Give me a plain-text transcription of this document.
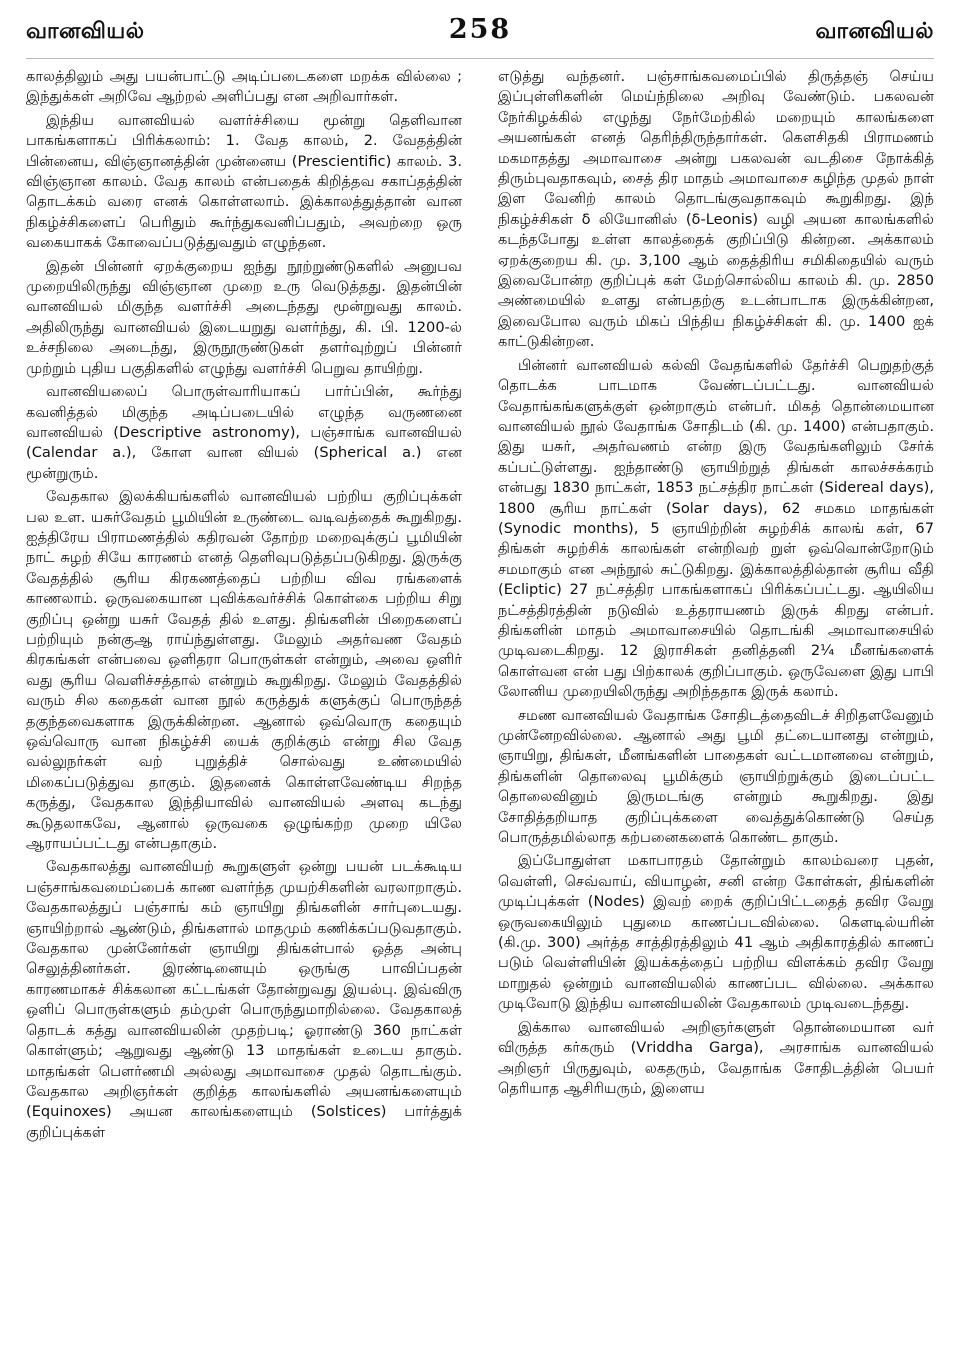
வானவியல்	258	வானவியல்

காலத்திலும் அது பயன்பாட்டு அடிப்படைகளை மறக்க வில்லை ; இந்துக்கள் அறிவே ஆற்றல் அளிப்பது என அறிவார்கள்.

இந்திய வானவியல் வளர்ச்சியை மூன்று தெளிவான பாகங்களாகப் பிரிக்கலாம்: 1. வேத காலம், 2. வேதத்தின் பின்னைய, விஞ்ஞானத்தின் முன்னைய (Prescientific) காலம். 3. விஞ்ஞான காலம். வேத காலம் என்பதைக் கிறித்தவ சகாப்தத்தின் தொடக்கம் வரை எனக் கொள்ளலாம். இக்காலத்துத்தான் வான நிகழ்ச்சிகளைப் பெரிதும் கூர்ந்துகவனிப்பதும், அவற்றை ஒரு வகையாகக் கோவைப்படுத்துவதும் எழுந்தன.

இதன் பின்னர் ஏறக்குறைய ஐந்து நூற்றுண்டுகளில் அனுபவ முறையிலிருந்து விஞ்ஞான முறை உரு வெடுத்தது. இதன்பின் வானவியல் மிகுந்த வளர்ச்சி அடைந்தது மூன்றுவது காலம். அதிலிருந்து வானவியல் இடையறுது வளர்ந்து, கி. பி. 1200-ல் உச்சநிலை அடைந்து, இருநூருண்டுகள் தளர்வுற்றுப் பின்னர் முற்றும் புதிய பகுதிகளில் எழுந்து வளர்ச்சி பெறுவ தாயிற்று.

வானவியலைப் பொருள்வாரியாகப் பார்ப்பின், கூர்ந்து கவனித்தல் மிகுந்த அடிப்படையில் எழுந்த வருணனை வானவியல் (Descriptive astronomy), பஞ்சாங்க வானவியல் (Calendar a.), கோள வான வியல் (Spherical a.) என மூன்றுரும்.

வேதகால இலக்கியங்களில் வானவியல் பற்றிய குறிப்புக்கள் பல உள. யசுர்வேதம் பூமியின் உருண்டை வடிவத்தைக் கூறுகிறது. ஐத்திரேய பிராமணத்தில் கதிரவன் தோற்ற மறைவுக்குப் பூமியின் நாட் சுழற் சியே காரணம் எனத் தெளிவுபடுத்தப்படுகிறது. இருக்கு வேதத்தில் சூரிய கிரகணத்தைப் பற்றிய விவ ரங்களைக் காணலாம். ஒருவகையான புவிக்கவர்ச்சிக் கொள்கை பற்றிய சிறு குறிப்பு ஒன்று யசுர் வேதத் தில் உளது. திங்களின் பிறைகளைப் பற்றியும் நன்குஆ ராய்ந்துள்ளது. மேலும் அதர்வண வேதம் கிரகங்கள் என்பவை ஒளிதரா பொருள்கள் என்றும், அவை ஒளிர் வது சூரிய வெளிச்சத்தால் என்றும் கூறுகிறது. மேலும் வேதத்தில் வரும் சில கதைகள் வான நூல் கருத்துக் களுக்குப் பொருந்தத் தகுந்தவைகளாக இருக்கின்றன. ஆனால் ஒவ்வொரு கதையும் ஒவ்வொரு வான நிகழ்ச்சி யைக் குறிக்கும் என்று சில வேத வல்லுநர்கள் வற் புறுத்திச் சொல்வது உண்மையில் மிகைப்படுத்துவ தாகும். இதனைக் கொள்ளவேண்டிய சிறந்த கருத்து, வேதகால இந்தியாவில் வானவியல் அளவு கடந்து கூடுதலாகவே, ஆனால் ஒருவகை ஒழுங்கற்ற முறை யிலே ஆராயப்பட்டது என்பதாகும்.

வேதகாலத்து வானவியற் கூறுகளுள் ஒன்று பயன் படக்கூடிய பஞ்சாங்கவமைப்பைக் காண வளர்ந்த முயற்சிகளின் வரலாறாகும். வேதகாலத்துப் பஞ்சாங் கம் ஞாயிறு திங்களின் சார்புடையது. ஞாயிற்றால் ஆண்டும், திங்களால் மாதமும் கணிக்கப்படுவதாகும். வேதகால முன்னேர்கள் ஞாயிறு திங்கள்பால் ஒத்த அன்பு செலுத்தினர்கள். இரண்டினையும் ஒருங்கு பாவிப்பதன் காரணமாகச் சிக்கலான கட்டங்கள் தோன்றுவது இயல்பு. இவ்விரு ஒளிப் பொருள்களும் தம்முள் பொருந்துமாறில்லை. வேதகாலத் தொடக் கத்து வானவியலின் முதற்படி; ஓராண்டு 360 நாட்கள் கொள்ளும்; ஆறுவது ஆண்டு 13 மாதங்கள் உடைய தாகும். மாதங்கள் பௌர்ணமி அல்லது அமாவாசை முதல் தொடங்கும். வேதகால அறிஞர்கள் குறித்த காலங்களில் அயனங்களையும் (Equinoxes) அயன காலங்களையும் (Solstices) பார்த்துக் குறிப்புக்கள்

எடுத்து வந்தனர். பஞ்சாங்கவமைப்பில் திருத்தஞ் செய்ய இப்புள்ளிகளின் மெய்ந்நிலை அறிவு வேண்டும். பகலவன் நேர்கிழக்கில் எழுந்து நேர்மேற்கில் மறையும் காலங்களை அயனங்கள் எனத் தெரிந்திருந்தார்கள். கௌசிதகி பிராமணம் மகமாதத்து அமாவாசை அன்று பகலவன் வடதிசை நோக்கித் திரும்புவதாகவும், சைத் திர மாதம் அமாவாசை கழிந்த முதல் நாள் இள வேனிற் காலம் தொடங்குவதாகவும் கூறுகிறது. இந் நிகழ்ச்சிகள் δ லியோனிஸ் (δ-Leonis) வழி அயன காலங்களில் கடந்தபோது உள்ள காலத்தைக் குறிப்பிடு கின்றன. அக்காலம் ஏறக்குறைய கி. மு. 3,100 ஆம் தைத்திரிய சமிகிதையில் வரும் இவைபோன்ற குறிப்புக் கள் மேற்சொல்லிய காலம் கி. மு. 2850 அண்மையில் உளது என்பதற்கு உடன்பாடாக இருக்கின்றன, இவைபோல வரும் மிகப் பிந்திய நிகழ்ச்சிகள் கி. மு. 1400 ஐக் காட்டுகின்றன.

பின்னர் வானவியல் கல்வி வேதங்களில் தேர்ச்சி பெறுதற்குத் தொடக்க பாடமாக வேண்டப்பட்டது. வானவியல் வேதாங்கங்களுக்குள் ஒன்றாகும் என்பர். மிகத் தொன்மையான வானவியல் நூல் வேதாங்க சோதிடம் (கி. மு. 1400) என்பதாகும். இது யசுர், அதர்வணம் என்ற இரு வேதங்களிலும் சேர்க் கப்பட்டுள்ளது. ஐந்தாண்டு ஞாயிற்றுத் திங்கள் காலச்சக்கரம் என்பது 1830 நாட்கள், 1853 நட்சத்திர நாட்கள் (Sidereal days), 1800 சூரிய நாட்கள் (Solar days), 62 சமகம மாதங்கள் (Synodic months), 5 ஞாயிற்றின் சுழற்சிக் காலங் கள், 67 திங்கள் சுழற்சிக் காலங்கள் என்றிவற் றுள் ஒவ்வொன்றோடும் சமமாகும் என அந்நூல் சுட்டுகிறது. இக்காலத்தில்தான் சூரிய வீதி (Ecliptic) 27 நட்சத்திர பாகங்களாகப் பிரிக்கப்பட்டது. ஆயிலிய நட்சத்திரத்தின் நடுவில் உத்தராயணம் இருக் கிறது என்பர். திங்களின் மாதம் அமாவாசையில் தொடங்கி அமாவாசையில் முடிவடைகிறது. 12 இராசிகள் தனித்தனி 2¼ மீனங்களைக் கொள்வன என் பது பிற்காலக் குறிப்பாகும். ஒருவேளை இது பாபி லோனிய முறையிலிருந்து அறிந்ததாக இருக் கலாம்.

சமண வானவியல் வேதாங்க சோதிடத்தைவிடச் சிறிதளவேனும் முன்னேறவில்லை. ஆனால் அது பூமி தட்டையானது என்றும், ஞாயிறு, திங்கள், மீனங்களின் பாதைகள் வட்டமானவை என்றும், திங்களின் தொலைவு பூமிக்கும் ஞாயிற்றுக்கும் இடைப்பட்ட தொலைவினும் இருமடங்கு என்றும் கூறுகிறது. இது சோதித்தறியாத குறிப்புக்களை வைத்துக்கொண்டு செய்த பொருத்தமில்லாத கற்பனைகளைக் கொண்ட தாகும்.

இப்போதுள்ள மகாபாரதம் தோன்றும் காலம்வரை புதன், வெள்ளி, செவ்வாய், வியாழன், சனி என்ற கோள்கள், திங்களின் முடிப்புக்கள் (Nodes) இவற் றைக் குறிப்பிட்டதைத் தவிர வேறு ஒருவகையிலும் புதுமை காணப்படவில்லை. கௌடில்யரின் (கி.மு. 300) அர்த்த சாத்திரத்திலும் 41 ஆம் அதிகாரத்தில் காணப் படும் வெள்ளியின் இயக்கத்தைப் பற்றிய விளக்கம் தவிர வேறு மாறுதல் ஒன்றும் வானவியலில் காணப்பட வில்லை. அக்கால முடிவோடு இந்திய வானவியலின் வேதகாலம் முடிவடைந்தது.

இக்கால வானவியல் அறிஞர்களுள் தொன்மையான வர் விருத்த கர்கரும் (Vriddha Garga), அரசாங்க வானவியல் அறிஞர் பிருதுவும், லகதரும், வேதாங்க சோதிடத்தின் பெயர் தெரியாத ஆசிரியரும், இளைய
